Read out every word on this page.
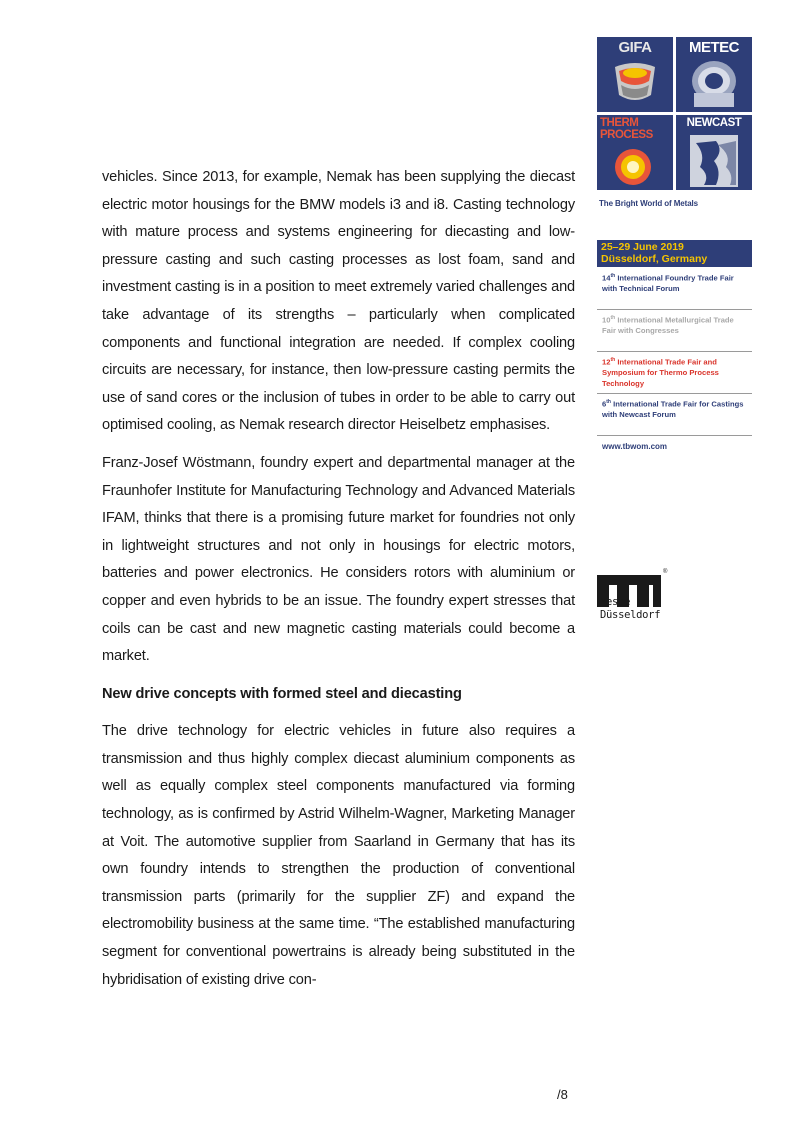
GIFA	METEC
THERM
PROCESS
NEWCAST
The Bright World of Metals
25–29 June 2019
Düsseldorf, Germany
14th International Foundry Trade Fair with Technical Forum
10th International Metallurgical Trade Fair with Congresses
12th International Trade Fair and Symposium for Thermo Process Technology
6th International Trade Fair for Castings with Newcast Forum
www.tbwom.com
®
Messe
Düsseldorf

vehicles. Since 2013, for example, Nemak has been supplying the diecast electric motor housings for the BMW models i3 and i8. Casting technology with mature process and systems engineering for diecasting and low-pressure casting and such casting processes as lost foam, sand and investment casting is in a position to meet extremely varied challenges and take advantage of its strengths – particularly when complicated components and functional integration are needed. If complex cooling circuits are necessary, for instance, then low-pressure casting permits the use of sand cores or the inclusion of tubes in order to be able to carry out optimised cooling, as Nemak research director Heiselbetz emphasises.

Franz-Josef Wöstmann, foundry expert and departmental manager at the Fraunhofer Institute for Manufacturing Technology and Advanced Materials IFAM, thinks that there is a promising future market for foundries not only in lightweight structures and not only in housings for electric motors, batteries and power electronics. He considers rotors with aluminium or copper and even hybrids to be an issue. The foundry expert stresses that coils can be cast and new magnetic casting materials could become a market.

New drive concepts with formed steel and diecasting

The drive technology for electric vehicles in future also requires a transmission and thus highly complex diecast aluminium components as well as equally complex steel components manufactured via forming technology, as is confirmed by Astrid Wilhelm-Wagner, Marketing Manager at Voit. The automotive supplier from Saarland in Germany that has its own foundry intends to strengthen the production of conventional transmission parts (primarily for the supplier ZF) and expand the electromobility business at the same time. “The established manufacturing segment for conventional powertrains is already being substituted in the hybridisation of existing drive con-

/8
